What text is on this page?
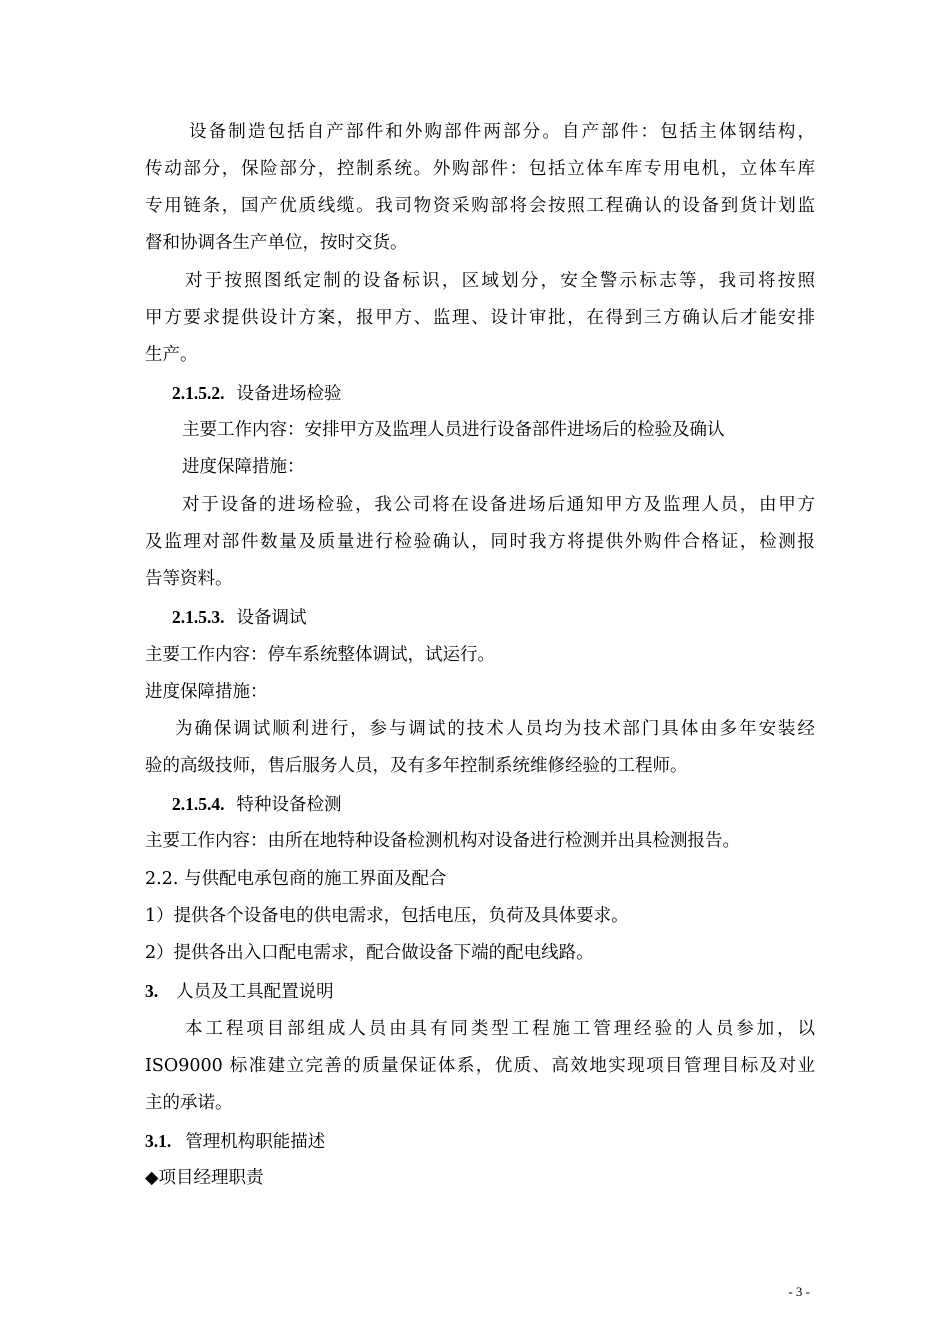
设备制造包括自产部件和外购部件两部分。自产部件：包括主体钢结构，
传动部分，保险部分，控制系统。外购部件：包括立体车库专用电机，立体车库
专用链条，国产优质线缆。我司物资采购部将会按照工程确认的设备到货计划监
督和协调各生产单位，按时交货。
对于按照图纸定制的设备标识，区域划分，安全警示标志等，我司将按照
甲方要求提供设计方案，报甲方、监理、设计审批，在得到三方确认后才能安排
生产。
2.1.5.2. 设备进场检验
主要工作内容：安排甲方及监理人员进行设备部件进场后的检验及确认
进度保障措施：
对于设备的进场检验，我公司将在设备进场后通知甲方及监理人员，由甲方
及监理对部件数量及质量进行检验确认，同时我方将提供外购件合格证，检测报
告等资料。
2.1.5.3. 设备调试
主要工作内容：停车系统整体调试，试运行。
进度保障措施：
为确保调试顺利进行，参与调试的技术人员均为技术部门具体由多年安装经
验的高级技师，售后服务人员，及有多年控制系统维修经验的工程师。
2.1.5.4. 特种设备检测
主要工作内容：由所在地特种设备检测机构对设备进行检测并出具检测报告。
2.2. 与供配电承包商的施工界面及配合
1）提供各个设备电的供电需求，包括电压，负荷及具体要求。
2）提供各出入口配电需求，配合做设备下端的配电线路。
3. 人员及工具配置说明
本工程项目部组成人员由具有同类型工程施工管理经验的人员参加，以
ISO9000 标准建立完善的质量保证体系，优质、高效地实现项目管理目标及对业
主的承诺。
3.1. 管理机构职能描述
◆项目经理职责
- 3 -
